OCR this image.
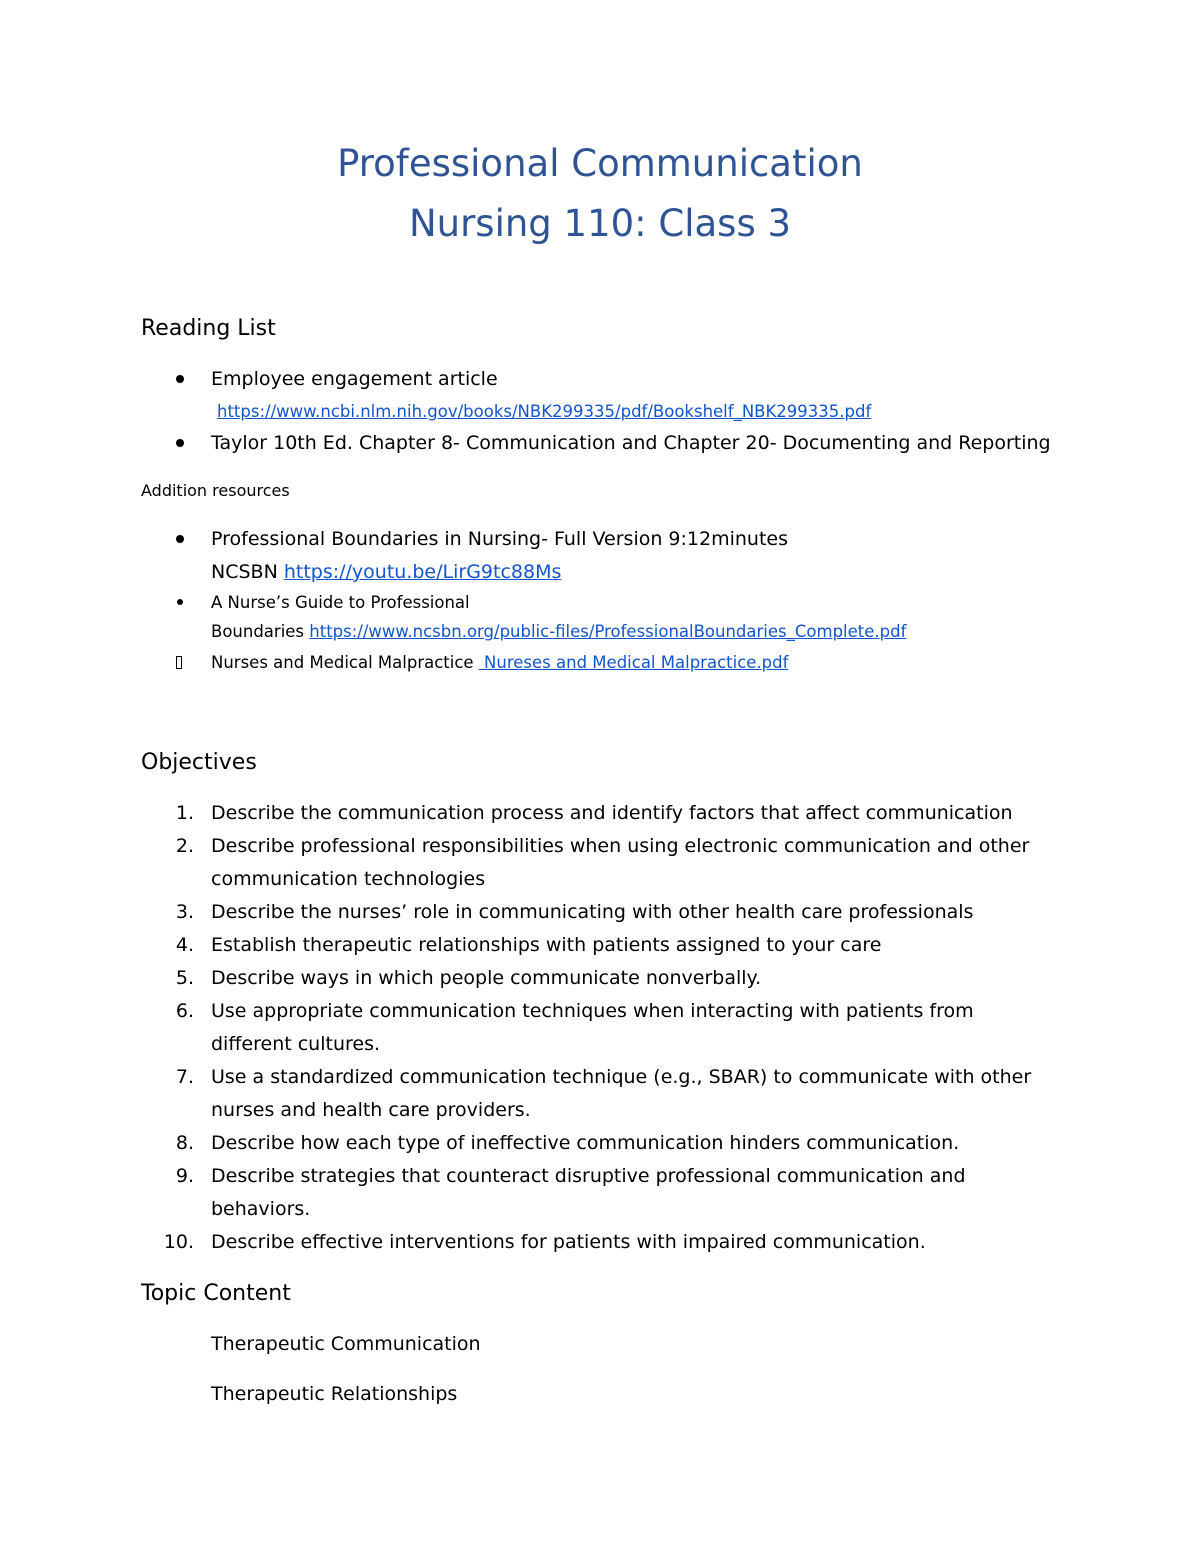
Professional Communication
Nursing 110: Class 3
Reading List
Employee engagement article
https://www.ncbi.nlm.nih.gov/books/NBK299335/pdf/Bookshelf_NBK299335.pdf
Taylor 10th Ed. Chapter 8- Communication and Chapter 20- Documenting and Reporting
Addition resources
Professional Boundaries in Nursing- Full Version 9:12minutes
NCSBN https://youtu.be/LirG9tc88Ms
A Nurse’s Guide to Professional
Boundaries https://www.ncsbn.org/public-files/ProfessionalBoundaries_Complete.pdf
Nurses and Medical Malpractice  Nureses and Medical Malpractice.pdf
Objectives
1. Describe the communication process and identify factors that affect communication
2. Describe professional responsibilities when using electronic communication and other
communication technologies
3. Describe the nurses’ role in communicating with other health care professionals
4. Establish therapeutic relationships with patients assigned to your care
5. Describe ways in which people communicate nonverbally.
6. Use appropriate communication techniques when interacting with patients from
different cultures.
7. Use a standardized communication technique (e.g., SBAR) to communicate with other
nurses and health care providers.
8. Describe how each type of ineffective communication hinders communication.
9. Describe strategies that counteract disruptive professional communication and
behaviors.
10. Describe effective interventions for patients with impaired communication.
Topic Content
Therapeutic Communication
Therapeutic Relationships
